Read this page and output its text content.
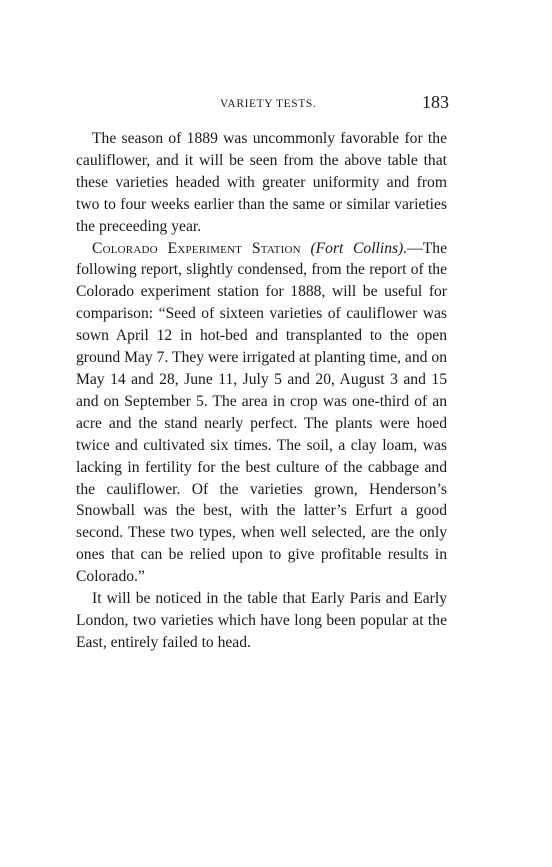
VARIETY TESTS.	183

The season of 1889 was uncommonly favorable for the cauliflower, and it will be seen from the above table that these varieties headed with greater uniformity and from two to four weeks earlier than the same or similar varieties the preceeding year.

Colorado Experiment Station (Fort Collins).—The following report, slightly condensed, from the report of the Colorado experiment station for 1888, will be useful for comparison: “Seed of sixteen varieties of cauliflower was sown April 12 in hot-bed and transplanted to the open ground May 7. They were irrigated at planting time, and on May 14 and 28, June 11, July 5 and 20, August 3 and 15 and on September 5. The area in crop was one-third of an acre and the stand nearly perfect. The plants were hoed twice and cultivated six times. The soil, a clay loam, was lacking in fertility for the best culture of the cabbage and the cauliflower. Of the varieties grown, Henderson’s Snowball was the best, with the latter’s Erfurt a good second. These two types, when well selected, are the only ones that can be relied upon to give profitable results in Colorado.”

It will be noticed in the table that Early Paris and Early London, two varieties which have long been popular at the East, entirely failed to head.
